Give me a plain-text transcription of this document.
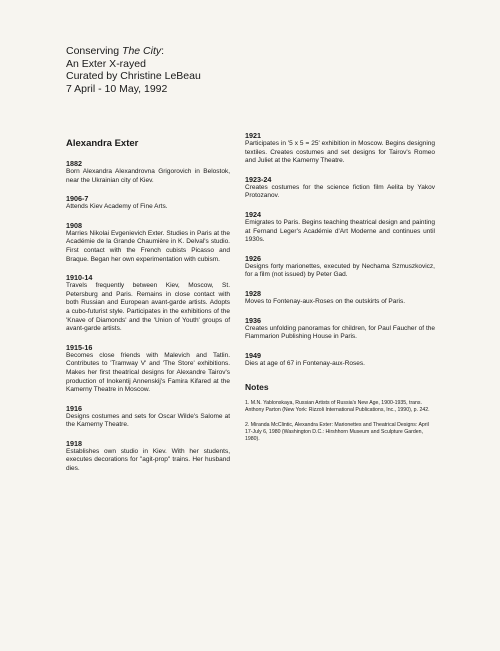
Conserving The City:
An Exter X-rayed
Curated by Christine LeBeau
7 April - 10 May, 1992
Alexandra Exter
1882
Born Alexandra Alexandrovna Grigorovich in Belostok, near the Ukrainian city of Kiev.
1906-7
Attends Kiev Academy of Fine Arts.
1908
Marries Nikolai Evgenievich Exter. Studies in Paris at the Académie de la Grande Chaumière in K. Delval's studio. First contact with the French cubists Picasso and Braque. Began her own experimentation with cubism.
1910-14
Travels frequently between Kiev, Moscow, St. Petersburg and Paris. Remains in close contact with both Russian and European avant-garde artists. Adopts a cubo-futurist style. Participates in the exhibitions of the 'Knave of Diamonds' and the 'Union of Youth' groups of avant-garde artists.
1915-16
Becomes close friends with Malevich and Tatlin. Contributes to 'Tramway V' and 'The Store' exhibitions. Makes her first theatrical designs for Alexandre Tairov's production of Inokentij Annenskij's Famira Kifared at the Kamerny Theatre in Moscow.
1916
Designs costumes and sets for Oscar Wilde's Salome at the Kamerny Theatre.
1918
Establishes own studio in Kiev. With her students, executes decorations for "agit-prop" trains. Her husband dies.
1921
Participates in '5 x 5 = 25' exhibition in Moscow. Begins designing textiles. Creates costumes and set designs for Tairov's Romeo and Juliet at the Kamerny Theatre.
1923-24
Creates costumes for the science fiction film Aelita by Yakov Protozanov.
1924
Emigrates to Paris. Begins teaching theatrical design and painting at Fernand Leger's Académie d'Art Moderne and continues until 1930s.
1926
Designs forty marionettes, executed by Nechama Szmuszkovicz, for a film (not issued) by Peter Gad.
1928
Moves to Fontenay-aux-Roses on the outskirts of Paris.
1936
Creates unfolding panoramas for children, for Paul Faucher of the Flammarion Publishing House in Paris.
1949
Dies at age of 67 in Fontenay-aux-Roses.
Notes
1. M.N. Yablonskaya, Russian Artists of Russia's New Age, 1900-1935, trans. Anthony Parton (New York: Rizzoli International Publications, Inc., 1990), p. 242.
2. Miranda McClintic, Alexandra Exter: Marionettes and Theatrical Designs: April 17-July 6, 1980 (Washington D.C.: Hirshhorn Museum and Sculpture Garden, 1980).
